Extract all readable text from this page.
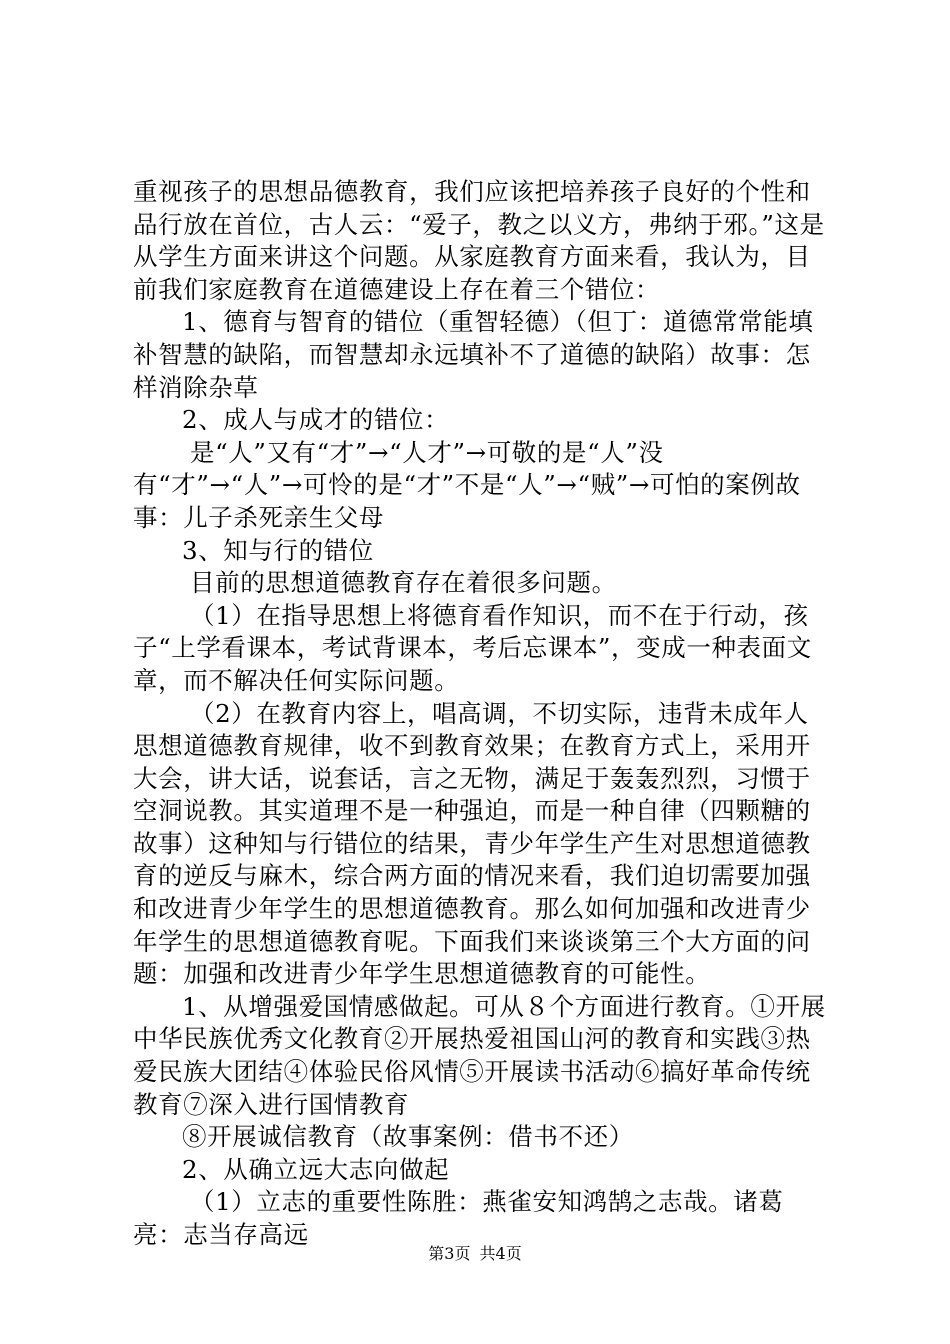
重视孩子的思想品德教育，我们应该把培养孩子良好的个性和品行放在首位，古人云：“爱子，教之以义方，弗纳于邪。”这是从学生方面来讲这个问题。从家庭教育方面来看，我认为，目前我们家庭教育在道德建设上存在着三个错位：

1、德育与智育的错位（重智轻德）（但丁：道德常常能填补智慧的缺陷，而智慧却永远填补不了道德的缺陷）故事：怎样消除杂草

2、成人与成才的错位：

是“人”又有“才”→“人才”→可敬的是“人”没有“才”→“人”→可怜的是“才”不是“人”→“贼”→可怕的案例故事：儿子杀死亲生父母

3、知与行的错位

目前的思想道德教育存在着很多问题。

（1）在指导思想上将德育看作知识，而不在于行动，孩子“上学看课本，考试背课本，考后忘课本”，变成一种表面文章，而不解决任何实际问题。

（2）在教育内容上，唱高调，不切实际，违背未成年人思想道德教育规律，收不到教育效果；在教育方式上，采用开大会，讲大话，说套话，言之无物，满足于轰轰烈烈，习惯于空洞说教。其实道理不是一种强迫，而是一种自律（四颗糖的故事）这种知与行错位的结果，青少年学生产生对思想道德教育的逆反与麻木，综合两方面的情况来看，我们迫切需要加强和改进青少年学生的思想道德教育。那么如何加强和改进青少年学生的思想道德教育呢。下面我们来谈谈第三个大方面的问题：加强和改进青少年学生思想道德教育的可能性。

1、从增强爱国情感做起。可从８个方面进行教育。①开展中华民族优秀文化教育②开展热爱祖国山河的教育和实践③热爱民族大团结④体验民俗风情⑤开展读书活动⑥搞好革命传统教育⑦深入进行国情教育

⑧开展诚信教育（故事案例：借书不还）

2、从确立远大志向做起

（1）立志的重要性陈胜：燕雀安知鸿鹄之志哉。诸葛亮：志当存高远

第3页 共4页
